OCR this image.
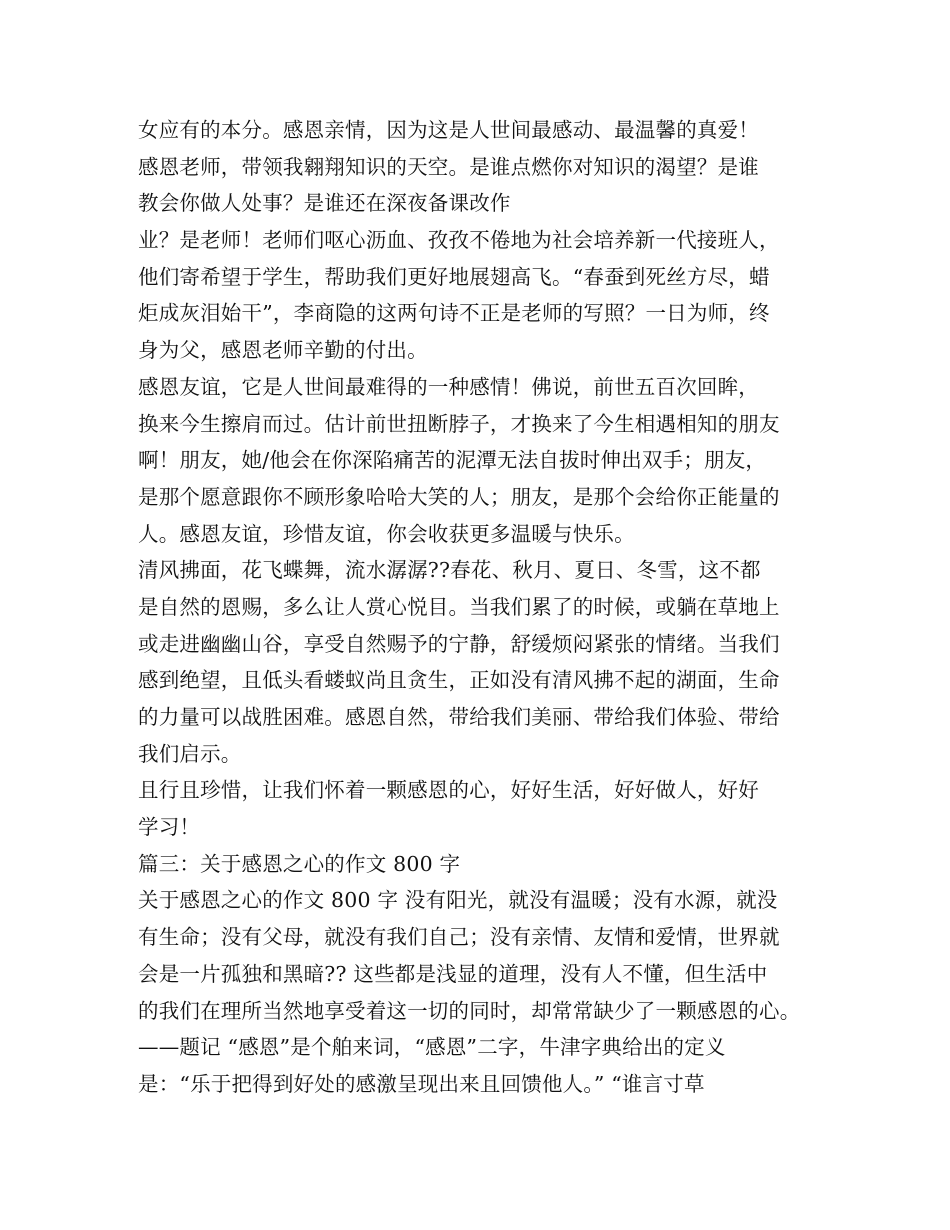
女应有的本分。感恩亲情，因为这是人世间最感动、最温馨的真爱！
感恩老师，带领我翱翔知识的天空。是谁点燃你对知识的渴望？是谁
教会你做人处事？是谁还在深夜备课改作
业？是老师！老师们呕心沥血、孜孜不倦地为社会培养新一代接班人，
他们寄希望于学生，帮助我们更好地展翅高飞。“春蚕到死丝方尽，蜡
炬成灰泪始干”，李商隐的这两句诗不正是老师的写照？一日为师，终
身为父，感恩老师辛勤的付出。
感恩友谊，它是人世间最难得的一种感情！佛说，前世五百次回眸，
换来今生擦肩而过。估计前世扭断脖子，才换来了今生相遇相知的朋友
啊！朋友，她/他会在你深陷痛苦的泥潭无法自拔时伸出双手；朋友，
是那个愿意跟你不顾形象哈哈大笑的人；朋友，是那个会给你正能量的
人。感恩友谊，珍惜友谊，你会收获更多温暖与快乐。
清风拂面，花飞蝶舞，流水潺潺??春花、秋月、夏日、冬雪，这不都
是自然的恩赐，多么让人赏心悦目。当我们累了的时候，或躺在草地上
或走进幽幽山谷，享受自然赐予的宁静，舒缓烦闷紧张的情绪。当我们
感到绝望，且低头看蝼蚁尚且贪生，正如没有清风拂不起的湖面，生命
的力量可以战胜困难。感恩自然，带给我们美丽、带给我们体验、带给
我们启示。
且行且珍惜，让我们怀着一颗感恩的心，好好生活，好好做人，好好
学习！
篇三：关于感恩之心的作文 800 字
关于感恩之心的作文 800 字 没有阳光，就没有温暖；没有水源，就没
有生命；没有父母，就没有我们自己；没有亲情、友情和爱情，世界就
会是一片孤独和黑暗?? 这些都是浅显的道理，没有人不懂，但生活中
的我们在理所当然地享受着这一切的同时，却常常缺少了一颗感恩的心。
——题记 “感恩”是个舶来词，“感恩”二字，牛津字典给出的定义
是：“乐于把得到好处的感激呈现出来且回馈他人。” “谁言寸草
